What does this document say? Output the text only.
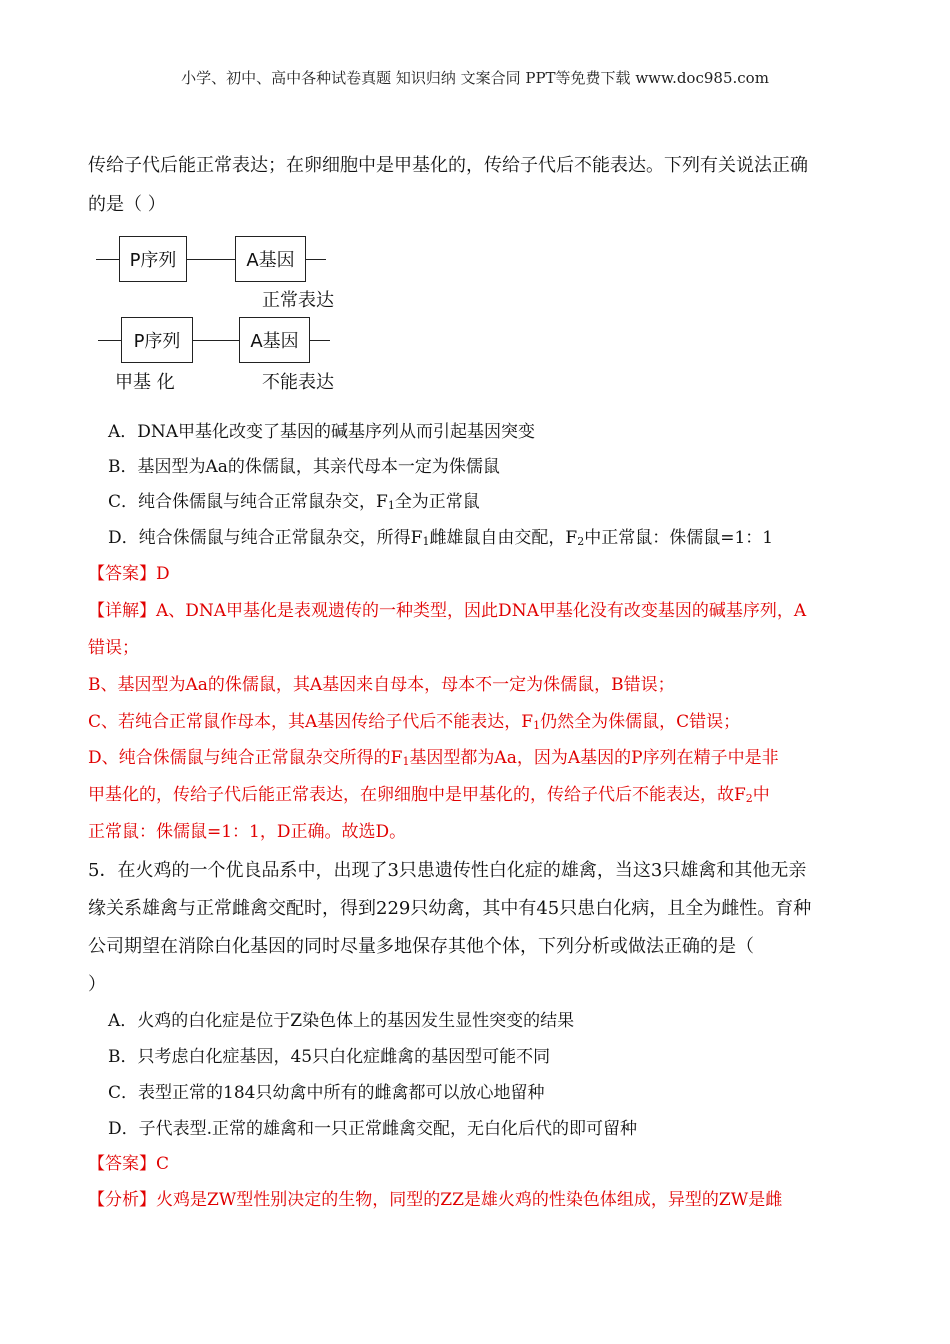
小学、初中、高中各种试卷真题 知识归纳 文案合同 PPT等免费下载 www.doc985.com
传给子代后能正常表达；在卵细胞中是甲基化的，传给子代后不能表达。下列有关说法正确
的是（ ）
P序列	A基因
正常表达
P序列	A基因
甲基 化	不能表达
A．DNA甲基化改变了基因的碱基序列从而引起基因突变
B．基因型为Aa的侏儒鼠，其亲代母本一定为侏儒鼠
C．纯合侏儒鼠与纯合正常鼠杂交，$F_1$全为正常鼠
D．纯合侏儒鼠与纯合正常鼠杂交，所得$F_1$雌雄鼠自由交配，$F_2$中正常鼠：侏儒鼠=1：1
【答案】D
【详解】A、DNA甲基化是表观遗传的一种类型，因此DNA甲基化没有改变基因的碱基序列，A
错误；
B、基因型为Aa的侏儒鼠，其A基因来自母本，母本不一定为侏儒鼠，B错误；
C、若纯合正常鼠作母本，其A基因传给子代后不能表达，$F_1$仍然全为侏儒鼠，C错误；
D、纯合侏儒鼠与纯合正常鼠杂交所得的$F_1$基因型都为Aa，因为A基因的P序列在精子中是非
甲基化的，传给子代后能正常表达，在卵细胞中是甲基化的，传给子代后不能表达，故$F_2$中
正常鼠：侏儒鼠=1：1，D正确。故选D。
5．在火鸡的一个优良品系中，出现了3只患遗传性白化症的雄禽，当这3只雄禽和其他无亲
缘关系雄禽与正常雌禽交配时，得到229只幼禽，其中有45只患白化病，且全为雌性。育种
公司期望在消除白化基因的同时尽量多地保存其他个体，下列分析或做法正确的是（
）
A．火鸡的白化症是位于Z染色体上的基因发生显性突变的结果
B．只考虑白化症基因，45只白化症雌禽的基因型可能不同
C．表型正常的184只幼禽中所有的雌禽都可以放心地留种
D．子代表型.正常的雄禽和一只正常雌禽交配，无白化后代的即可留种
【答案】C
【分析】火鸡是ZW型性别决定的生物，同型的ZZ是雄火鸡的性染色体组成，异型的ZW是雌
